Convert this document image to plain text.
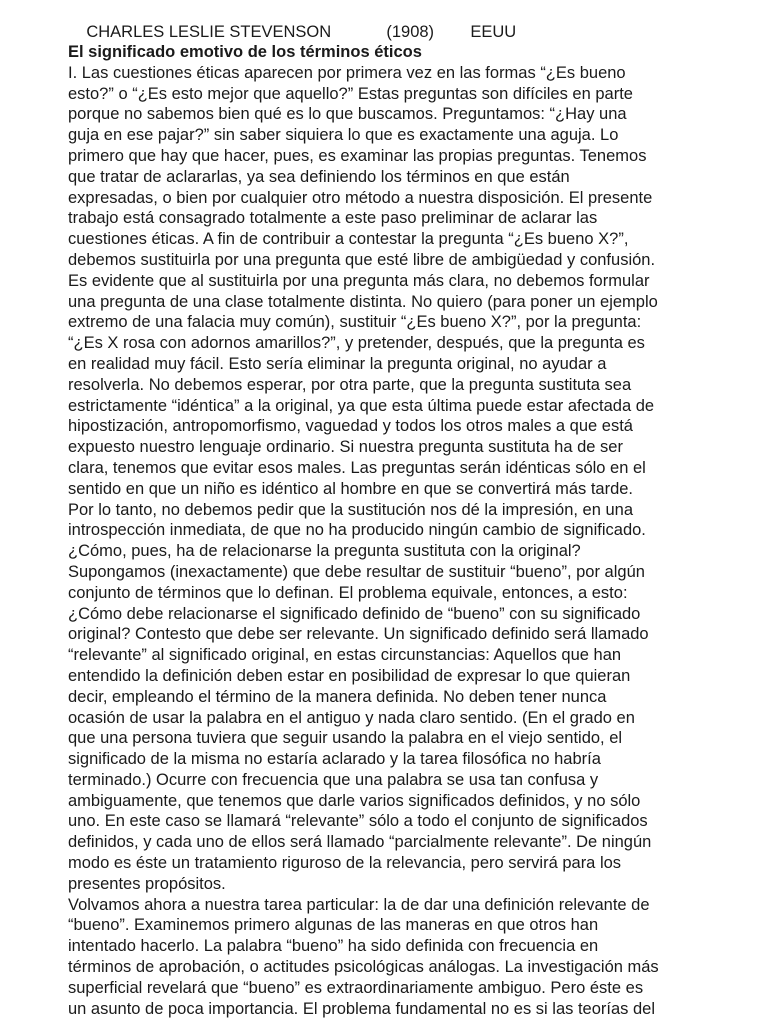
CHARLES LESLIE STEVENSON	(1908) EEUU

El significado emotivo de los términos éticos
I. Las cuestiones éticas aparecen por primera vez en las formas “¿Es bueno
esto?” o “¿Es esto mejor que aquello?” Estas preguntas son difíciles en parte
porque no sabemos bien qué es lo que buscamos. Preguntamos: “¿Hay una
guja en ese pajar?” sin saber siquiera lo que es exactamente una aguja. Lo
primero que hay que hacer, pues, es examinar las propias preguntas. Tenemos
que tratar de aclararlas, ya sea definiendo los términos en que están
expresadas, o bien por cualquier otro método a nuestra disposición. El presente
trabajo está consagrado totalmente a este paso preliminar de aclarar las
cuestiones éticas. A fin de contribuir a contestar la pregunta “¿Es bueno X?”,
debemos sustituirla por una pregunta que esté libre de ambigüedad y confusión.
Es evidente que al sustituirla por una pregunta más clara, no debemos formular
una pregunta de una clase totalmente distinta. No quiero (para poner un ejemplo
extremo de una falacia muy común), sustituir “¿Es bueno X?”, por la pregunta:
“¿Es X rosa con adornos amarillos?”, y pretender, después, que la pregunta es
en realidad muy fácil. Esto sería eliminar la pregunta original, no ayudar a
resolverla. No debemos esperar, por otra parte, que la pregunta sustituta sea
estrictamente “idéntica” a la original, ya que esta última puede estar afectada de
hipostización, antropomorfismo, vaguedad y todos los otros males a que está
expuesto nuestro lenguaje ordinario. Si nuestra pregunta sustituta ha de ser
clara, tenemos que evitar esos males. Las preguntas serán idénticas sólo en el
sentido en que un niño es idéntico al hombre en que se convertirá más tarde.
Por lo tanto, no debemos pedir que la sustitución nos dé la impresión, en una
introspección inmediata, de que no ha producido ningún cambio de significado.
¿Cómo, pues, ha de relacionarse la pregunta sustituta con la original?
Supongamos (inexactamente) que debe resultar de sustituir “bueno”, por algún
conjunto de términos que lo definan. El problema equivale, entonces, a esto:
¿Cómo debe relacionarse el significado definido de “bueno” con su significado
original? Contesto que debe ser relevante. Un significado definido será llamado
“relevante” al significado original, en estas circunstancias: Aquellos que han
entendido la definición deben estar en posibilidad de expresar lo que quieran
decir, empleando el término de la manera definida. No deben tener nunca
ocasión de usar la palabra en el antiguo y nada claro sentido. (En el grado en
que una persona tuviera que seguir usando la palabra en el viejo sentido, el
significado de la misma no estaría aclarado y la tarea filosófica no habría
terminado.) Ocurre con frecuencia que una palabra se usa tan confusa y
ambiguamente, que tenemos que darle varios significados definidos, y no sólo
uno. En este caso se llamará “relevante” sólo a todo el conjunto de significados
definidos, y cada uno de ellos será llamado “parcialmente relevante”. De ningún
modo es éste un tratamiento riguroso de la relevancia, pero servirá para los
presentes propósitos.
Volvamos ahora a nuestra tarea particular: la de dar una definición relevante de
“bueno”. Examinemos primero algunas de las maneras en que otros han
intentado hacerlo. La palabra “bueno” ha sido definida con frecuencia en
términos de aprobación, o actitudes psicológicas análogas. La investigación más
superficial revelará que “bueno” es extraordinariamente ambiguo. Pero éste es
un asunto de poca importancia. El problema fundamental no es si las teorías del
